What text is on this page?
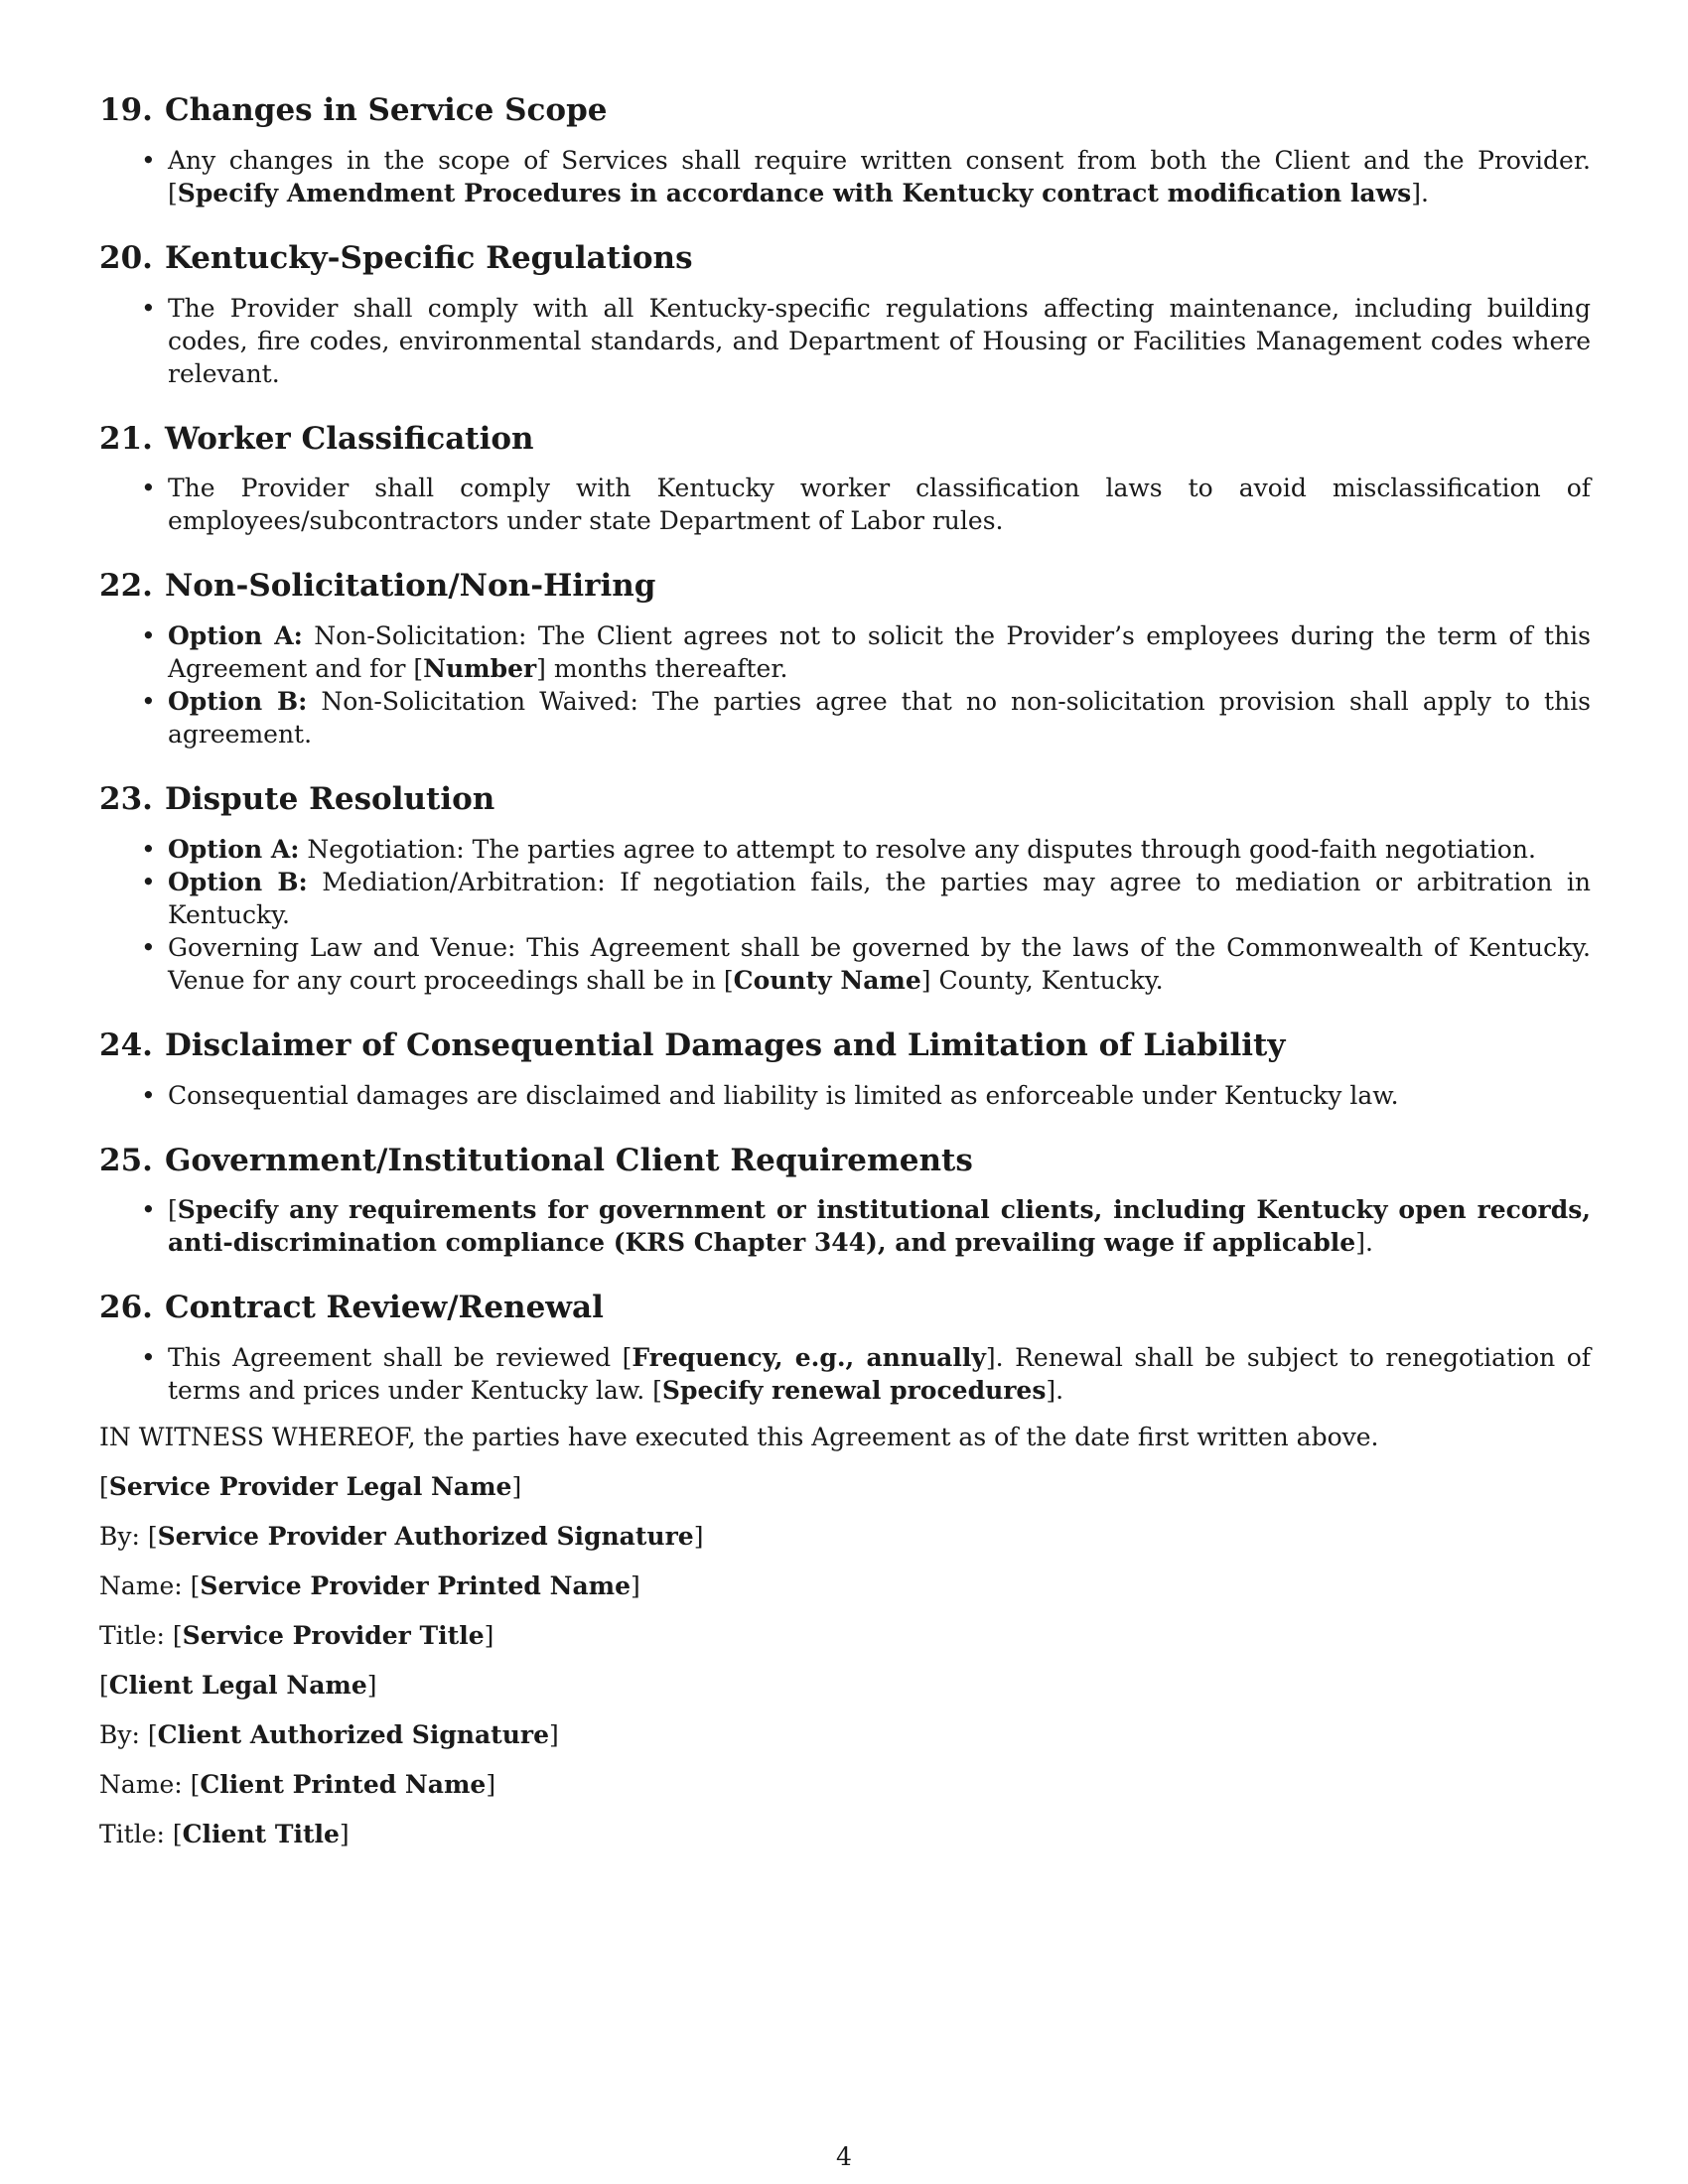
19. Changes in Service Scope
• Any changes in the scope of Services shall require written consent from both the Client and the Provider. [Specify Amendment Procedures in accordance with Kentucky contract modification laws].
20. Kentucky-Specific Regulations
• The Provider shall comply with all Kentucky-specific regulations affecting maintenance, including building codes, fire codes, environmental standards, and Department of Housing or Facilities Management codes where relevant.
21. Worker Classification
• The Provider shall comply with Kentucky worker classification laws to avoid misclassification of employees/subcontractors under state Department of Labor rules.
22. Non-Solicitation/Non-Hiring
• Option A: Non-Solicitation: The Client agrees not to solicit the Provider’s employees during the term of this Agreement and for [Number] months thereafter.
• Option B: Non-Solicitation Waived: The parties agree that no non-solicitation provision shall apply to this agreement.
23. Dispute Resolution
• Option A: Negotiation: The parties agree to attempt to resolve any disputes through good-faith negotiation.
• Option B: Mediation/Arbitration: If negotiation fails, the parties may agree to mediation or arbitration in Kentucky.
• Governing Law and Venue: This Agreement shall be governed by the laws of the Commonwealth of Kentucky. Venue for any court proceedings shall be in [County Name] County, Kentucky.
24. Disclaimer of Consequential Damages and Limitation of Liability
• Consequential damages are disclaimed and liability is limited as enforceable under Kentucky law.
25. Government/Institutional Client Requirements
• [Specify any requirements for government or institutional clients, including Kentucky open records, anti-discrimination compliance (KRS Chapter 344), and prevailing wage if applicable].
26. Contract Review/Renewal
• This Agreement shall be reviewed [Frequency, e.g., annually]. Renewal shall be subject to renegotiation of terms and prices under Kentucky law. [Specify renewal procedures].

IN WITNESS WHEREOF, the parties have executed this Agreement as of the date first written above.

[Service Provider Legal Name]

By: [Service Provider Authorized Signature]

Name: [Service Provider Printed Name]

Title: [Service Provider Title]

[Client Legal Name]

By: [Client Authorized Signature]

Name: [Client Printed Name]

Title: [Client Title]

4
